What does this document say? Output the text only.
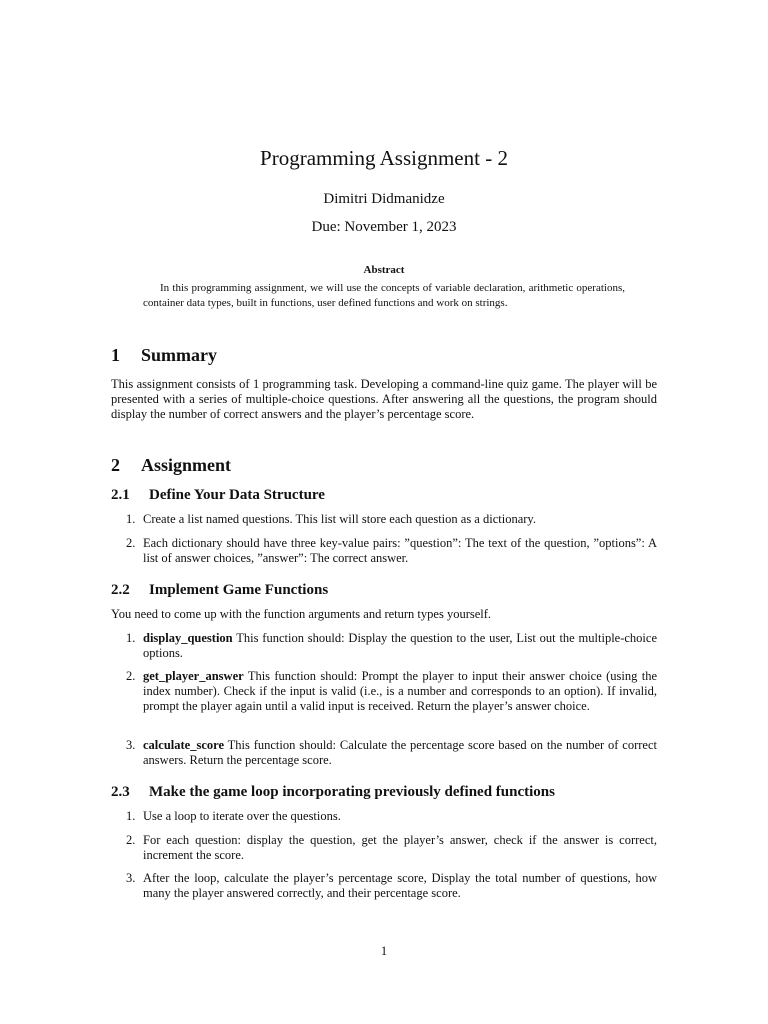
Programming Assignment - 2
Dimitri Didmanidze
Due: November 1, 2023
Abstract
In this programming assignment, we will use the concepts of variable declaration, arithmetic operations, container data types, built in functions, user defined functions and work on strings.
1 Summary
This assignment consists of 1 programming task. Developing a command-line quiz game. The player will be presented with a series of multiple-choice questions. After answering all the questions, the program should display the number of correct answers and the player’s percentage score.
2 Assignment
2.1 Define Your Data Structure
1. Create a list named questions. This list will store each question as a dictionary.
2. Each dictionary should have three key-value pairs: ”question”: The text of the question, ”options”: A list of answer choices, ”answer”: The correct answer.
2.2 Implement Game Functions
You need to come up with the function arguments and return types yourself.
1. display_question This function should: Display the question to the user, List out the multiple-choice options.
2. get_player_answer This function should: Prompt the player to input their answer choice (using the index number). Check if the input is valid (i.e., is a number and corresponds to an option). If invalid, prompt the player again until a valid input is received. Return the player’s answer choice.
3. calculate_score This function should: Calculate the percentage score based on the number of correct answers. Return the percentage score.
2.3 Make the game loop incorporating previously defined functions
1. Use a loop to iterate over the questions.
2. For each question: display the question, get the player’s answer, check if the answer is correct, increment the score.
3. After the loop, calculate the player’s percentage score, Display the total number of questions, how many the player answered correctly, and their percentage score.
1
